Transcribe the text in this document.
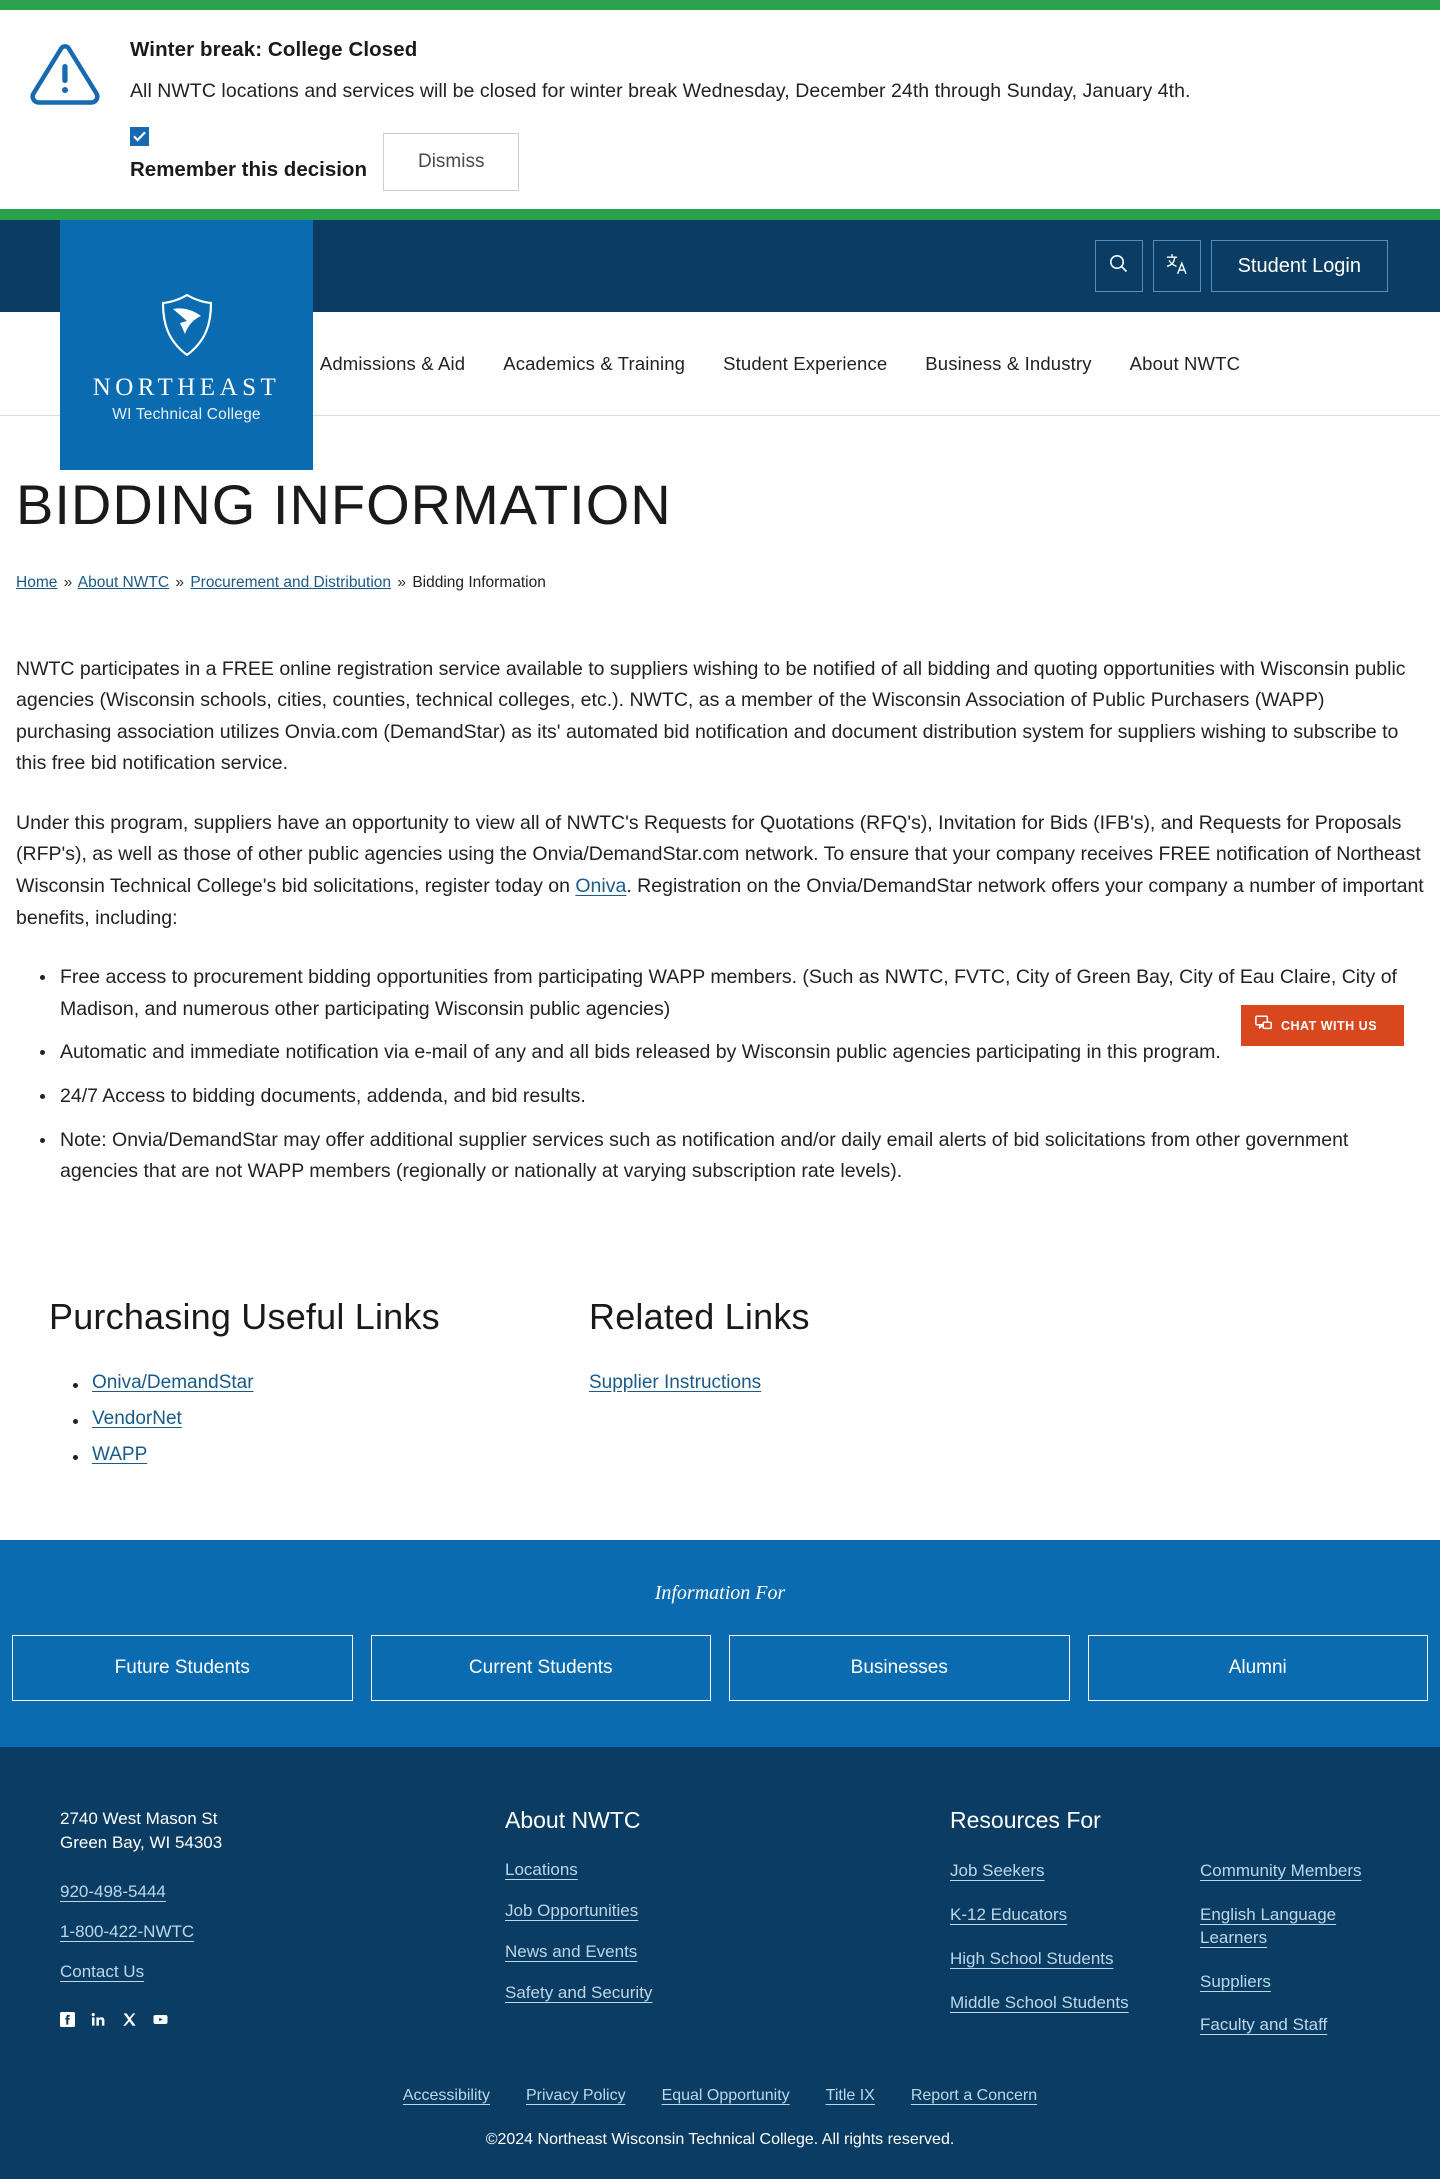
Winter break: College Closed
All NWTC locations and services will be closed for winter break Wednesday, December 24th through Sunday, January 4th.
Remember this decision	Dismiss
Student Login
Admissions & Aid Academics & Training Student Experience Business & Industry About NWTC
NORTHEAST
WI Technical College
BIDDING INFORMATION
Home » About NWTC » Procurement and Distribution » Bidding Information

NWTC participates in a FREE online registration service available to suppliers wishing to be notified of all bidding and quoting opportunities with Wisconsin public agencies (Wisconsin schools, cities, counties, technical colleges, etc.). NWTC, as a member of the Wisconsin Association of Public Purchasers (WAPP) purchasing association utilizes Onvia.com (DemandStar) as its' automated bid notification and document distribution system for suppliers wishing to subscribe to this free bid notification service.

Under this program, suppliers have an opportunity to view all of NWTC's Requests for Quotations (RFQ's), Invitation for Bids (IFB's), and Requests for Proposals (RFP's), as well as those of other public agencies using the Onvia/DemandStar.com network. To ensure that your company receives FREE notification of Northeast Wisconsin Technical College's bid solicitations, register today on Oniva. Registration on the Onvia/DemandStar network offers your company a number of important benefits, including:

Free access to procurement bidding opportunities from participating WAPP members. (Such as NWTC, FVTC, City of Green Bay, City of Eau Claire, City of Madison, and numerous other participating Wisconsin public agencies)
Automatic and immediate notification via e-mail of any and all bids released by Wisconsin public agencies participating in this program.
24/7 Access to bidding documents, addenda, and bid results.
Note: Onvia/DemandStar may offer additional supplier services such as notification and/or daily email alerts of bid solicitations from other government agencies that are not WAPP members (regionally or nationally at varying subscription rate levels).
Purchasing Useful Links
Oniva/DemandStar
VendorNet
WAPP
Related Links
Supplier Instructions
Information For
Future Students	Current Students	Businesses	Alumni
2740 West Mason St
Green Bay, WI 54303
920-498-5444
1-800-422-NWTC
Contact Us
About NWTC
Locations
Job Opportunities
News and Events
Safety and Security
Resources For
Job Seekers
K-12 Educators
High School Students
Middle School Students
Community Members
English Language Learners
Suppliers
Faculty and Staff
Accessibility Privacy Policy Equal Opportunity Title IX Report a Concern
©2024 Northeast Wisconsin Technical College. All rights reserved.
CHAT WITH US
